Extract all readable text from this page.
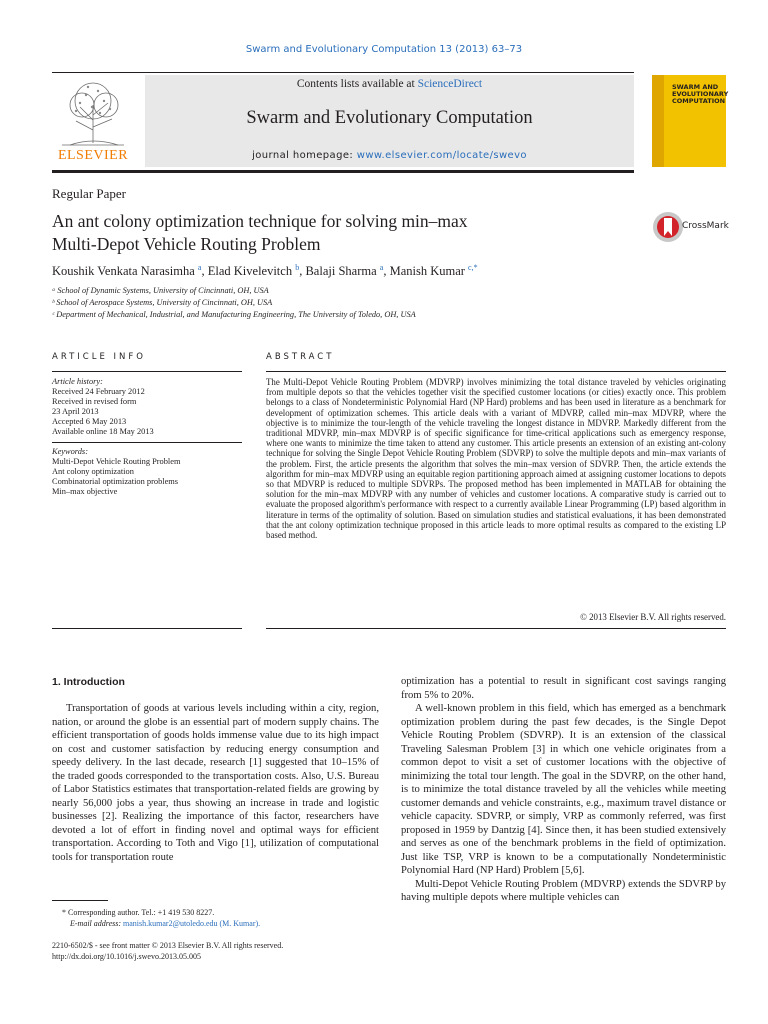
Swarm and Evolutionary Computation 13 (2013) 63–73
ELSEVIER
Contents lists available at ScienceDirect
Swarm and Evolutionary Computation
journal homepage: www.elsevier.com/locate/swevo
SWARM AND EVOLUTIONARY COMPUTATION
Regular Paper
An ant colony optimization technique for solving min–max
Multi-Depot Vehicle Routing Problem
CrossMark
Koushik Venkata Narasimha $^a$, Elad Kivelevitch $^b$, Balaji Sharma $^a$, Manish Kumar $^{c,*}$
ᵃ School of Dynamic Systems, University of Cincinnati, OH, USA
ᵇ School of Aerospace Systems, University of Cincinnati, OH, USA
ᶜ Department of Mechanical, Industrial, and Manufacturing Engineering, The University of Toledo, OH, USA
ARTICLE INFO	ABSTRACT
Article history:
Received 24 February 2012
Received in revised form
23 April 2013
Accepted 6 May 2013
Available online 18 May 2013
Keywords:
Multi-Depot Vehicle Routing Problem
Ant colony optimization
Combinatorial optimization problems
Min–max objective
The Multi-Depot Vehicle Routing Problem (MDVRP) involves minimizing the total distance traveled by vehicles originating from multiple depots so that the vehicles together visit the specified customer locations (or cities) exactly once. This problem belongs to a class of Nondeterministic Polynomial Hard (NP Hard) problems and has been used in literature as a benchmark for development of optimization schemes. This article deals with a variant of MDVRP, called min–max MDVRP, where the objective is to minimize the tour-length of the vehicle traveling the longest distance in MDVRP. Markedly different from the traditional MDVRP, min–max MDVRP is of specific significance for time-critical applications such as emergency response, where one wants to minimize the time taken to attend any customer. This article presents an extension of an existing ant-colony technique for solving the Single Depot Vehicle Routing Problem (SDVRP) to solve the multiple depots and min–max variants of the problem. First, the article presents the algorithm that solves the min–max version of SDVRP. Then, the article extends the algorithm for min–max MDVRP using an equitable region partitioning approach aimed at assigning customer locations to depots so that MDVRP is reduced to multiple SDVRPs. The proposed method has been implemented in MATLAB for obtaining the solution for the min–max MDVRP with any number of vehicles and customer locations. A comparative study is carried out to evaluate the proposed algorithm's performance with respect to a currently available Linear Programming (LP) based algorithm in literature in terms of the optimality of solution. Based on simulation studies and statistical evaluations, it has been demonstrated that the ant colony optimization technique proposed in this article leads to more optimal results as compared to the existing LP based method.
© 2013 Elsevier B.V. All rights reserved.
1. Introduction

Transportation of goods at various levels including within a city, region, nation, or around the globe is an essential part of modern supply chains. The efficient transportation of goods holds immense value due to its high impact on cost and customer satisfaction by reducing energy consumption and speedy delivery. In the last decade, research [1] suggested that 10–15% of the traded goods corresponded to the transportation costs. Also, U.S. Bureau of Labor Statistics estimates that transportation-related fields are growing by nearly 56,000 jobs a year, thus showing an increase in trade and logistic businesses [2]. Realizing the importance of this factor, researchers have devoted a lot of effort in finding novel and optimal ways for efficient transportation. According to Toth and Vigo [1], utilization of computational tools for transportation route

optimization has a potential to result in significant cost savings ranging from 5% to 20%.

A well-known problem in this field, which has emerged as a benchmark optimization problem during the past few decades, is the Single Depot Vehicle Routing Problem (SDVRP). It is an extension of the classical Traveling Salesman Problem [3] in which one vehicle originates from a common depot to visit a set of customer locations with the objective of minimizing the total tour length. The goal in the SDVRP, on the other hand, is to minimize the total distance traveled by all the vehicles while meeting customer demands and vehicle constraints, e.g., maximum travel distance or vehicle capacity. SDVRP, or simply, VRP as commonly referred, was first proposed in 1959 by Dantzig [4]. Since then, it has been studied extensively and serves as one of the benchmark problems in the field of optimization. Just like TSP, VRP is known to be a computationally Nondeterministic Polynomial Hard (NP Hard) Problem [5,6].

Multi-Depot Vehicle Routing Problem (MDVRP) extends the SDVRP by having multiple depots where multiple vehicles can

* Corresponding author. Tel.: +1 419 530 8227.
E-mail address: manish.kumar2@utoledo.edu (M. Kumar).
2210-6502/$ - see front matter © 2013 Elsevier B.V. All rights reserved.
http://dx.doi.org/10.1016/j.swevo.2013.05.005
